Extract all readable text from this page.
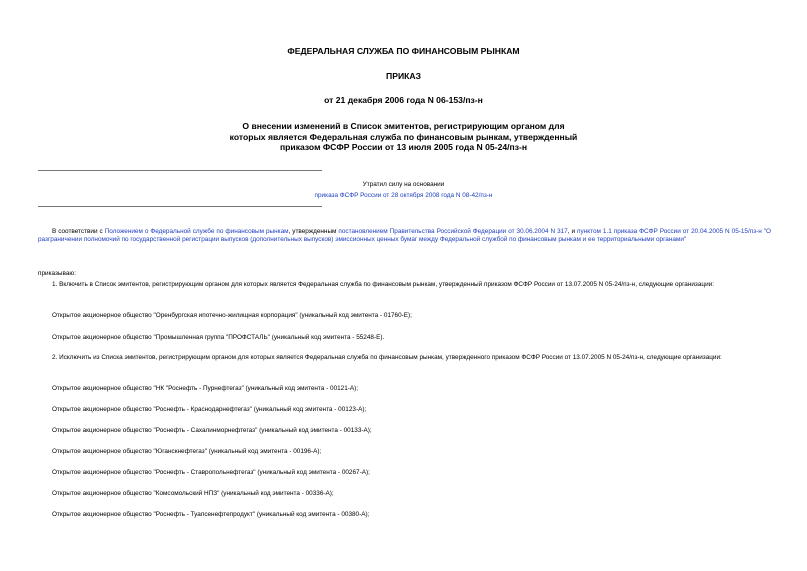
ФЕДЕРАЛЬНАЯ СЛУЖБА ПО ФИНАНСОВЫМ РЫНКАМ
ПРИКАЗ
от 21 декабря 2006 года N 06-153/пз-н
О внесении изменений в Список эмитентов, регистрирующим органом для
которых является Федеральная служба по финансовым рынкам, утвержденный
приказом ФСФР России от 13 июля 2005 года N 05-24/пз-н
Утратил силу на основании
приказа ФСФР России от 28 октября 2008 года N 08-42/пз-н
В соответствии с Положением о Федеральной службе по финансовым рынкам, утвержденным постановлением Правительства Российской Федерации от 30.06.2004 N 317, и пунктом 1.1 приказа ФСФР России от 20.04.2005 N 05-15/пз-н "О разграничении полномочий по государственной регистрации выпусков (дополнительных выпусков) эмиссионных ценных бумаг между Федеральной службой по финансовым рынкам и ее территориальными органами"
приказываю:
1. Включить в Список эмитентов, регистрирующим органом для которых является Федеральная служба по финансовым рынкам, утвержденный приказом ФСФР России от 13.07.2005 N 05-24/пз-н, следующие организации:
Открытое акционерное общество "Оренбургская ипотечно-жилищная корпорация" (уникальный код эмитента - 01760-Е);
Открытое акционерное общество "Промышленная группа "ПРОФСТАЛЬ" (уникальный код эмитента - 55248-Е).
2. Исключить из Списка эмитентов, регистрирующим органом для которых является Федеральная служба по финансовым рынкам, утвержденного приказом ФСФР России от 13.07.2005 N 05-24/пз-н, следующие организации:
Открытое акционерное общество "НК "Роснефть - Пурнефтегаз" (уникальный код эмитента - 00121-А);
Открытое акционерное общество "Роснефть - Краснодарнефтегаз" (уникальный код эмитента - 00123-А);
Открытое акционерное общество "Роснефть - Сахалинморнефтегаз" (уникальный код эмитента - 00133-А);
Открытое акционерное общество "Юганскнефтегаз" (уникальный код эмитента - 00196-А);
Открытое акционерное общество "Роснефть - Ставропольнефтегаз" (уникальный код эмитента - 00267-А);
Открытое акционерное общество "Комсомольский НПЗ" (уникальный код эмитента - 00336-А);
Открытое акционерное общество "Роснефть - Туапсенефтепродукт" (уникальный код эмитента - 00380-А);
